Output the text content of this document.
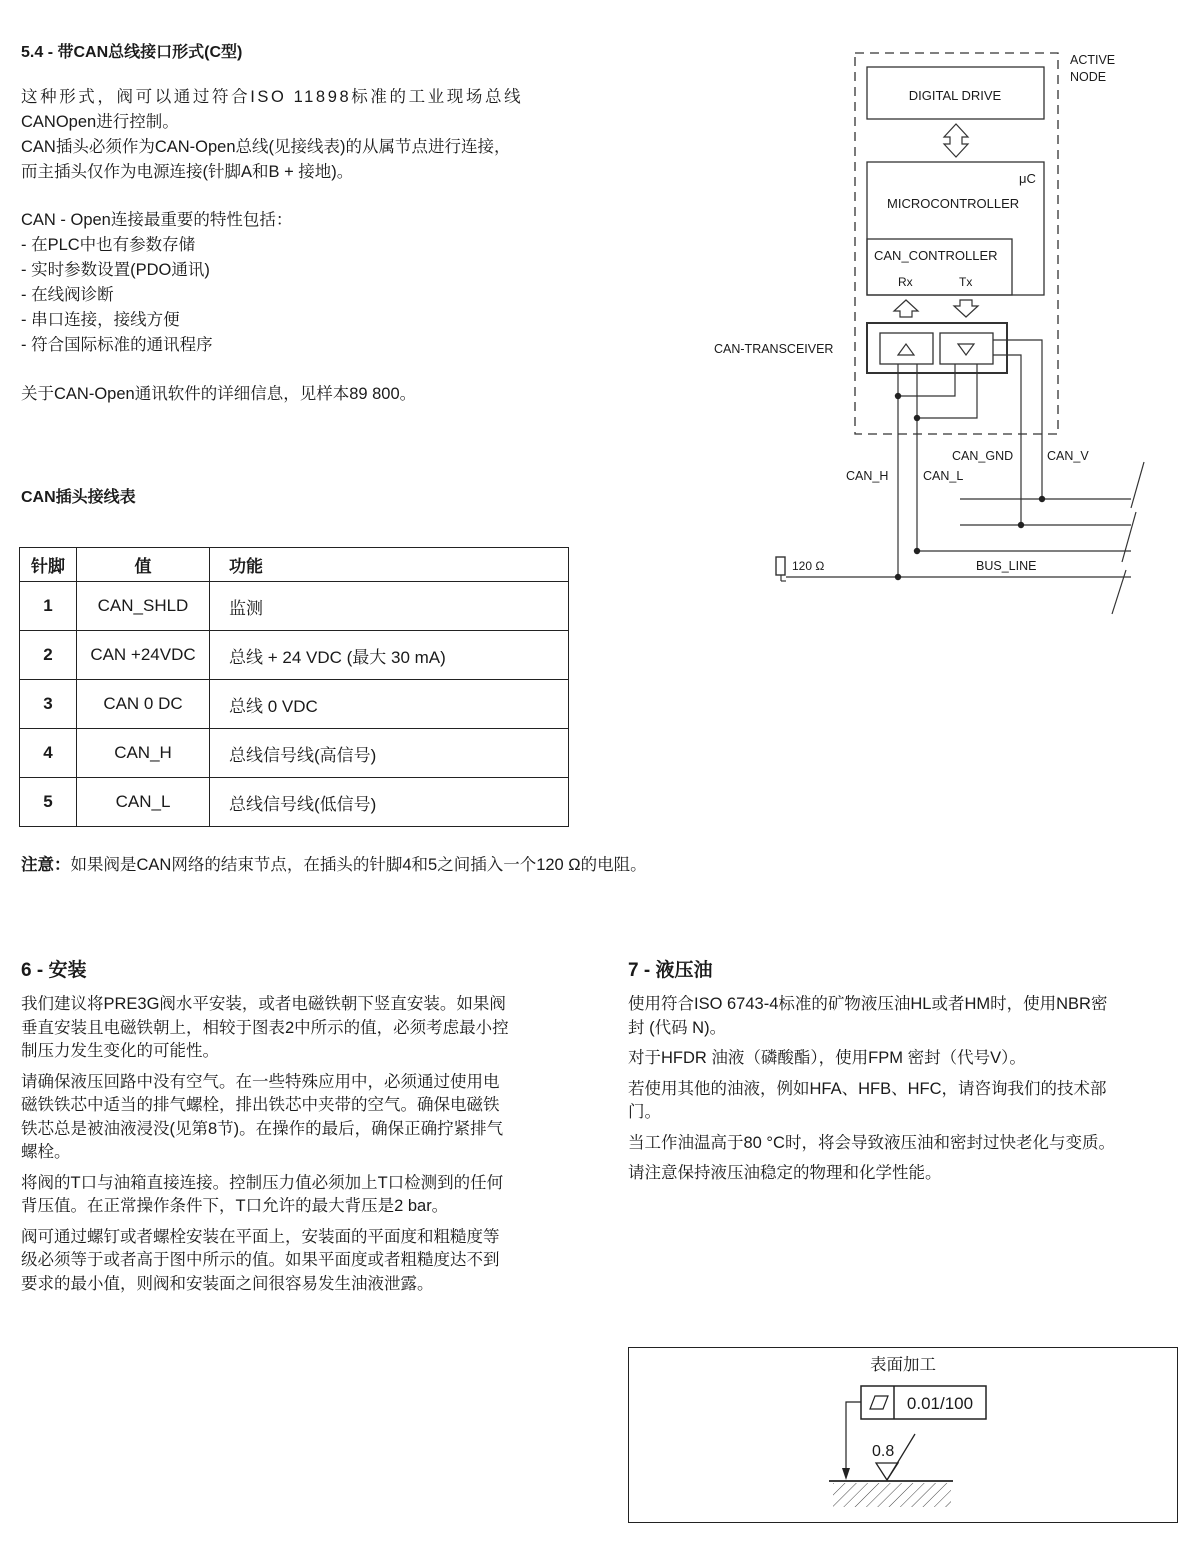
5.4 - 带CAN总线接口形式(C型)
这种形式，阀可以通过符合ISO 11898标准的工业现场总线
CANOpen进行控制。
CAN插头必须作为CAN-Open总线(见接线表)的从属节点进行连接，
而主插头仅作为电源连接(针脚A和B + 接地)。
CAN - Open连接最重要的特性包括：
- 在PLC中也有参数存储
- 实时参数设置(PDO通讯)
- 在线阀诊断
- 串口连接，接线方便
- 符合国际标准的通讯程序
关于CAN-Open通讯软件的详细信息，见样本89 800。
CAN插头接线表
针脚	值	功能
1	CAN_SHLD	监测
2	CAN +24VDC	总线 + 24 VDC (最大 30 mA)
3	CAN 0 DC	总线 0 VDC
4	CAN_H	总线信号线(高信号)
5	CAN_L	总线信号线(低信号)
注意：如果阀是CAN网络的结束节点，在插头的针脚4和5之间插入一个120 Ω的电阻。
ACTIVE
NODE
DIGITAL DRIVE
μC
MICROCONTROLLER
CAN_CONTROLLER
Rx	Tx
CAN-TRANSCEIVER
CAN_GND	CAN_V
CAN_H	CAN_L
120 Ω	BUS_LINE
6 - 安装
我们建议将PRE3G阀水平安装，或者电磁铁朝下竖直安装。如果阀
垂直安装且电磁铁朝上，相较于图表2中所示的值，必须考虑最小控
制压力发生变化的可能性。
请确保液压回路中没有空气。在一些特殊应用中，必须通过使用电
磁铁铁芯中适当的排气螺栓，排出铁芯中夹带的空气。确保电磁铁
铁芯总是被油液浸没(见第8节)。在操作的最后，确保正确拧紧排气
螺栓。
将阀的T口与油箱直接连接。控制压力值必须加上T口检测到的任何
背压值。在正常操作条件下，T口允许的最大背压是2 bar。
阀可通过螺钉或者螺栓安装在平面上，安装面的平面度和粗糙度等
级必须等于或者高于图中所示的值。如果平面度或者粗糙度达不到
要求的最小值，则阀和安装面之间很容易发生油液泄露。
7 - 液压油
使用符合ISO 6743-4标准的矿物液压油HL或者HM时，使用NBR密
封 (代码 N)。
对于HFDR 油液（磷酸酯），使用FPM 密封（代号V）。
若使用其他的油液，例如HFA、HFB、HFC，请咨询我们的技术部
门。
当工作油温高于80 °C时，将会导致液压油和密封过快老化与变质。
请注意保持液压油稳定的物理和化学性能。
表面加工
0.01/100
0.8
